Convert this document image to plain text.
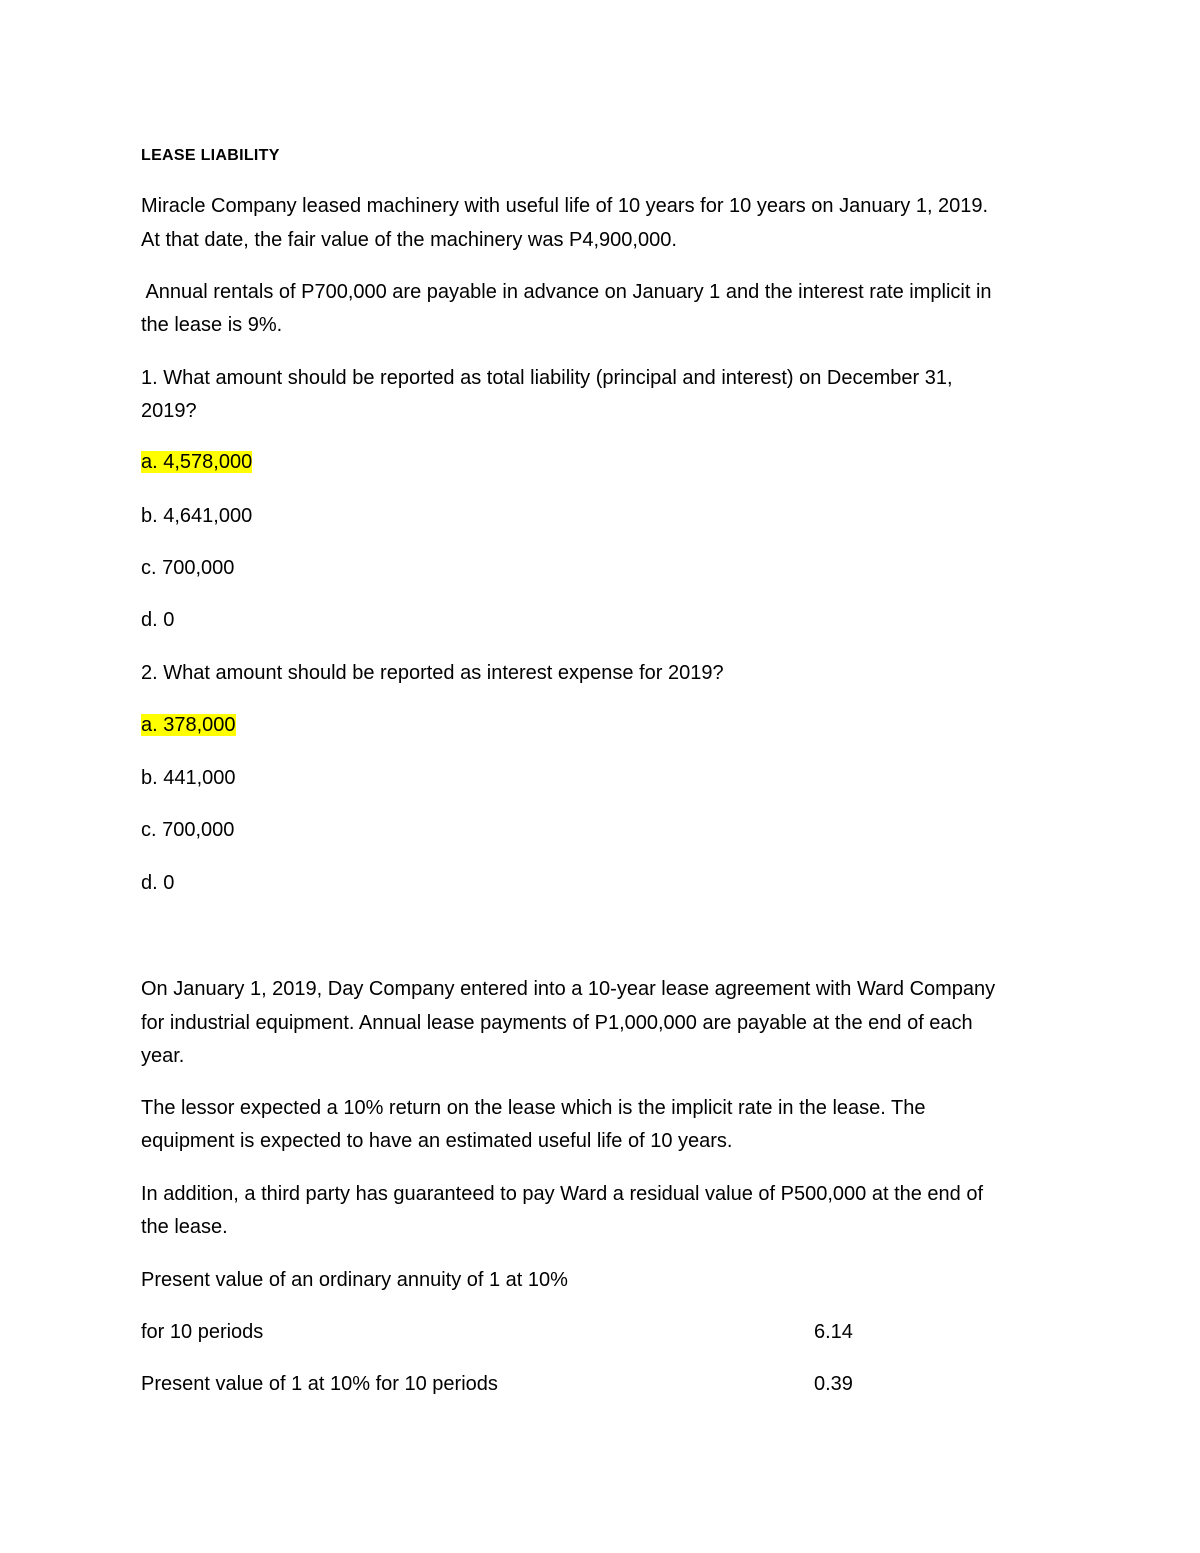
LEASE LIABILITY

Miracle Company leased machinery with useful life of 10 years for 10 years on January 1, 2019.

At that date, the fair value of the machinery was P4,900,000.

Annual rentals of P700,000 are payable in advance on January 1 and the interest rate implicit in

the lease is 9%.

1. What amount should be reported as total liability (principal and interest) on December 31,

2019?

a. 4,578,000

b. 4,641,000

c. 700,000

d. 0

2. What amount should be reported as interest expense for 2019?

a. 378,000

b. 441,000

c. 700,000

d. 0

On January 1, 2019, Day Company entered into a 10-year lease agreement with Ward Company

for industrial equipment. Annual lease payments of P1,000,000 are payable at the end of each

year.

The lessor expected a 10% return on the lease which is the implicit rate in the lease. The

equipment is expected to have an estimated useful life of 10 years.

In addition, a third party has guaranteed to pay Ward a residual value of P500,000 at the end of

the lease.

Present value of an ordinary annuity of 1 at 10%

for 10 periods	6.14

Present value of 1 at 10% for 10 periods	0.39
